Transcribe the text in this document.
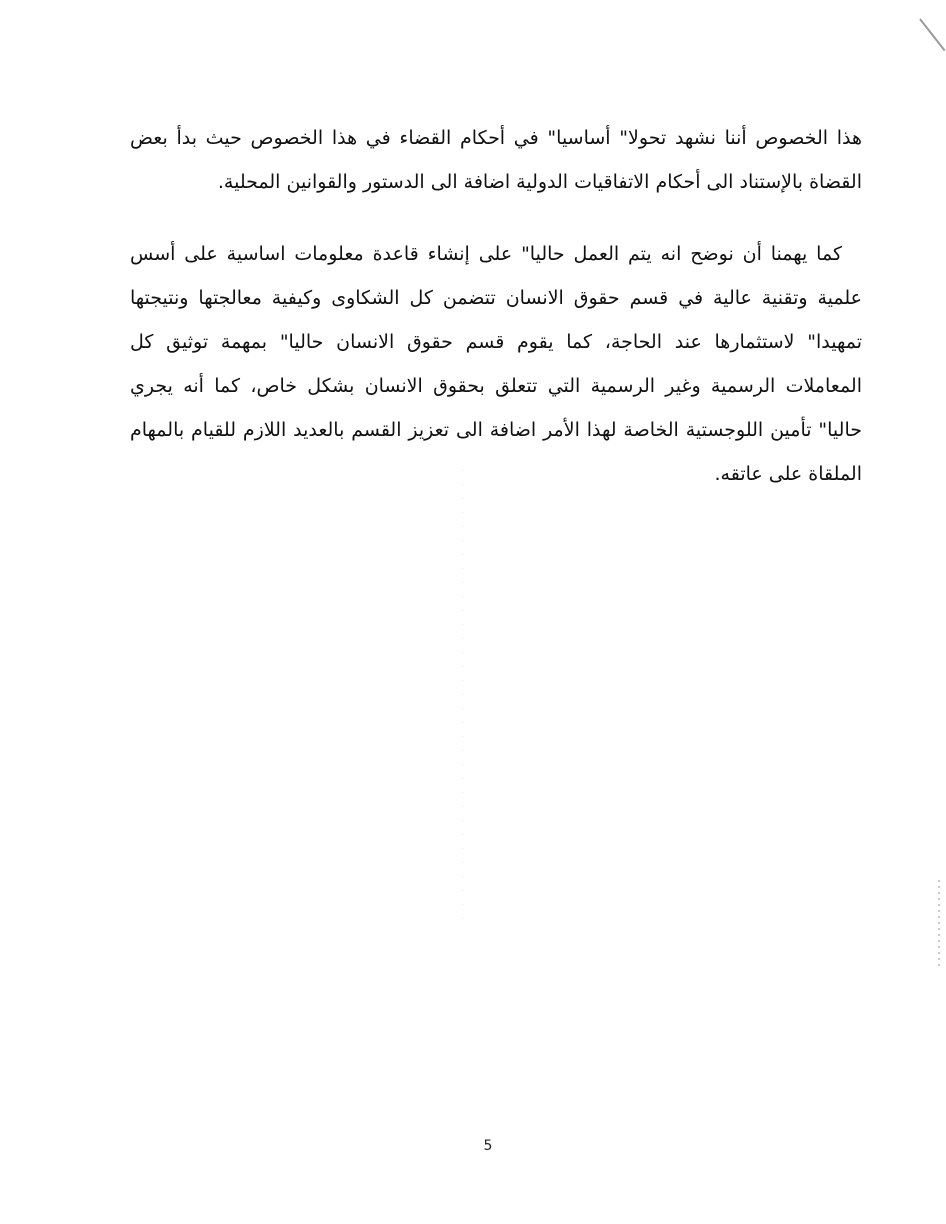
هذا الخصوص أننا نشهد تحولا" أساسيا" في أحكام القضاء في هذا الخصوص حيث بدأ بعض
القضاة بالإستناد الى أحكام الاتفاقيات الدولية اضافة الى الدستور والقوانين المحلية.
كما يهمنا أن نوضح انه يتم العمل حاليا" على إنشاء قاعدة معلومات اساسية على أسس
علمية وتقنية عالية في قسم حقوق الانسان تتضمن كل الشكاوى وكيفية معالجتها ونتيجتها
تمهيدا" لاستثمارها عند الحاجة، كما يقوم قسم حقوق الانسان حاليا" بمهمة توثيق كل
المعاملات الرسمية وغير الرسمية التي تتعلق بحقوق الانسان بشكل خاص، كما أنه يجري
حاليا" تأمين اللوجستية الخاصة لهذا الأمر اضافة الى تعزيز القسم بالعديد اللازم للقيام بالمهام
الملقاة على عاتقه.
5
